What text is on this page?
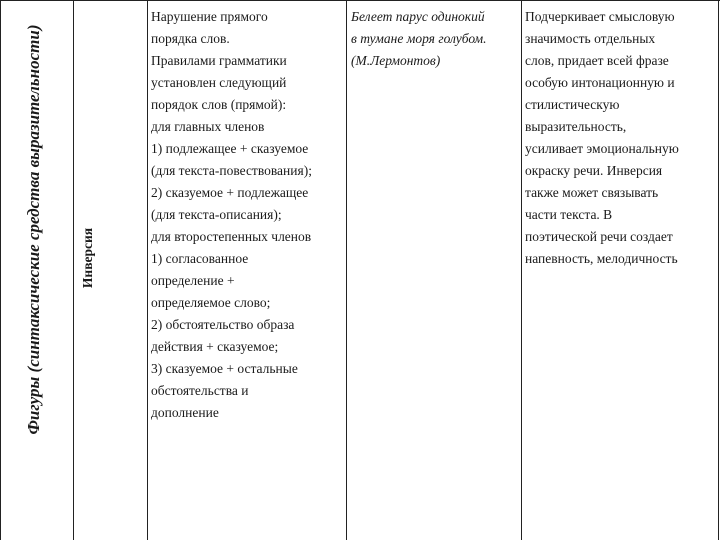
Фигуры (синтаксические средства выразительности)	Инверсия

Нарушение прямого

порядка слов.

Правилами грамматики

установлен следующий

порядок слов (прямой):

для главных членов

1) подлежащее + сказуемое

(для текста-повествования);

2) сказуемое + подлежащее

(для текста-описания);

для второстепенных членов

1) согласованное

определение +

определяемое слово;

2) обстоятельство образа

действия + сказуемое;

3) сказуемое + остальные

обстоятельства и

дополнение

Белеет парус одинокий

в тумане моря голубом.

(М.Лермонтов)

Подчеркивает смысловую

значимость отдельных

слов, придает всей фразе

особую интонационную и

стилистическую

выразительность,

усиливает эмоциональную

окраску речи. Инверсия

также может связывать

части текста. В

поэтической речи создает

напевность, мелодичность
